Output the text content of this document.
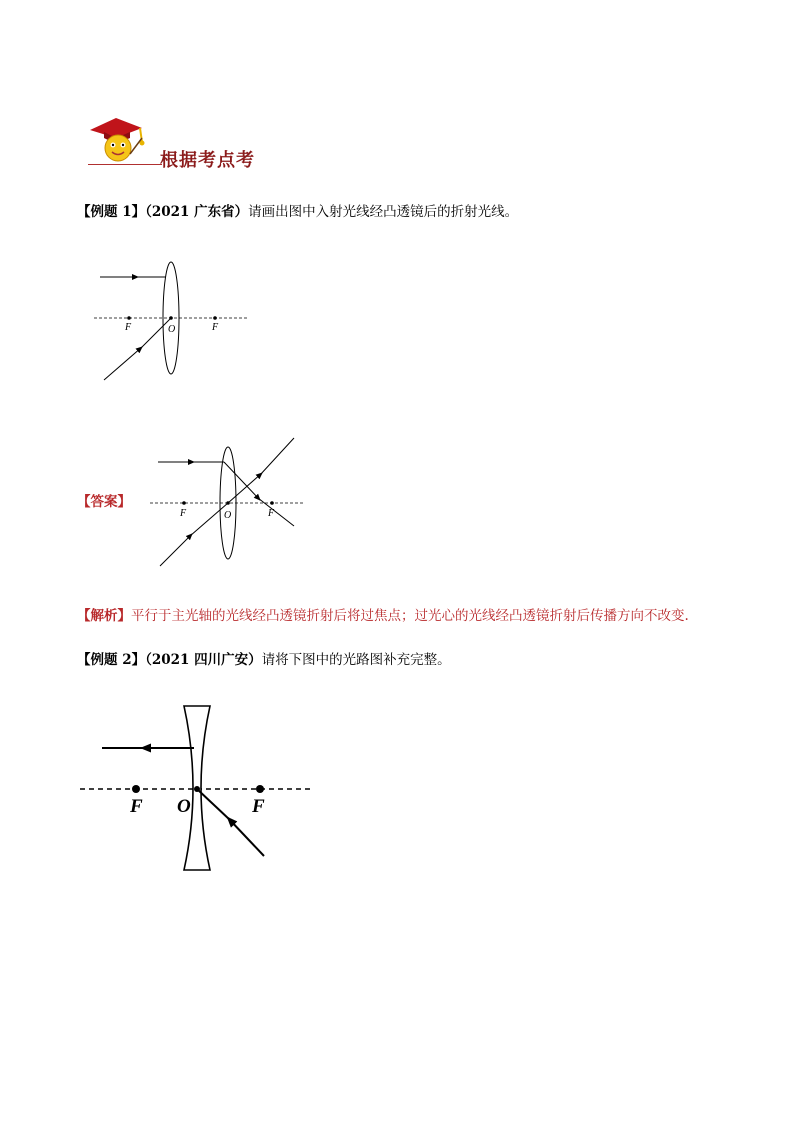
根据考点考
【例题 1】（2021 广东省）请画出图中入射光线经凸透镜后的折射光线。
F	O	F
【答案】
F	O	F
【解析】平行于主光轴的光线经凸透镜折射后将过焦点；过光心的光线经凸透镜折射后传播方向不改变.
【例题 2】（2021 四川广安）请将下图中的光路图补充完整。
F O	F
